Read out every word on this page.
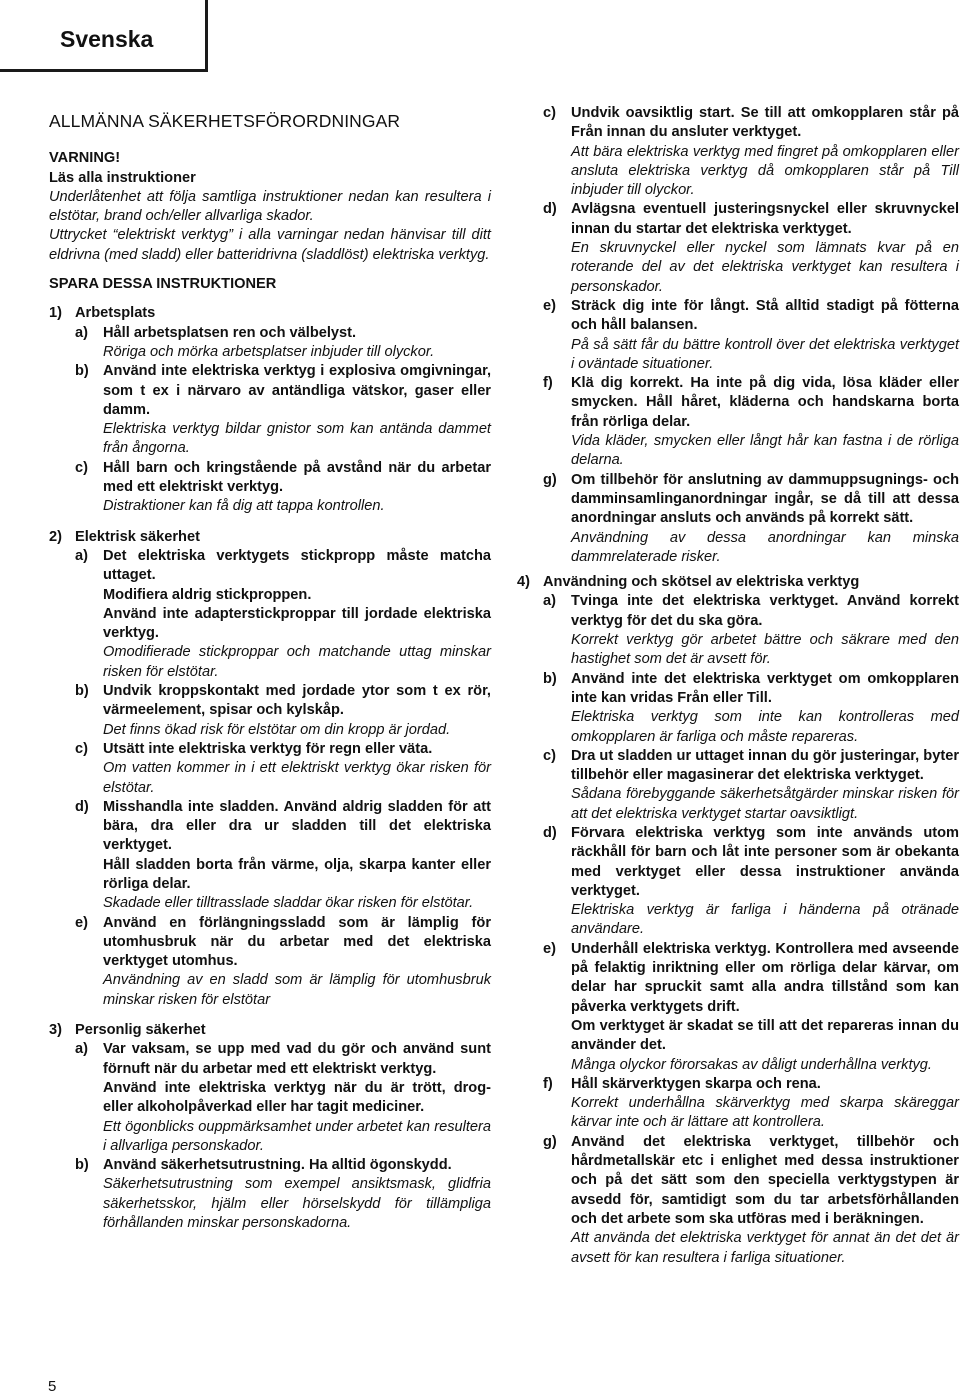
Svenska
ALLMÄNNA SÄKERHETSFÖRORDNINGAR

VARNING!

Läs alla instruktioner

Underlåtenhet att följa samtliga instruktioner nedan kan resultera i elstötar, brand och/eller allvarliga skador.

Uttrycket “elektriskt verktyg” i alla varningar nedan hänvisar till ditt eldrivna (med sladd) eller batteridrivna (sladdlöst) elektriska verktyg.

SPARA DESSA INSTRUKTIONER

1) Arbetsplats
a)	Håll arbetsplatsen ren och välbelyst.

Röriga och mörka arbetsplatser inbjuder till olyckor.

b) Använd inte elektriska verktyg i explosiva omgivningar, som t ex i närvaro av antändliga vätskor, gaser eller damm.

Elektriska verktyg bildar gnistor som kan antända dammet från ångorna.

c)	Håll barn och kringstående på avstånd när du arbetar med ett elektriskt verktyg.

Distraktioner kan få dig att tappa kontrollen.

2) Elektrisk säkerhet
a)	Det elektriska verktygets stickpropp måste matcha uttaget.

Modifiera aldrig stickproppen.

Använd inte adapterstickproppar till jordade elektriska verktyg.

Omodifierade stickproppar och matchande uttag minskar risken för elstötar.

b) Undvik kroppskontakt med jordade ytor som t ex rör, värmeelement, spisar och kylskåp.

Det finns ökad risk för elstötar om din kropp är jordad.

c)	Utsätt inte elektriska verktyg för regn eller väta.

Om vatten kommer in i ett elektriskt verktyg ökar risken för elstötar.

d) Misshandla inte sladden. Använd aldrig sladden för att bära, dra eller dra ur sladden till det elektriska verktyget.

Håll sladden borta från värme, olja, skarpa kanter eller rörliga delar.

Skadade eller tilltrasslade sladdar ökar risken för elstötar.

e)	Använd en förlängningssladd som är lämplig för utomhusbruk när du arbetar med det elektriska verktyget utomhus.

Användning av en sladd som är lämplig för utomhusbruk minskar risken för elstötar

3) Personlig säkerhet
a)	Var vaksam, se upp med vad du gör och använd sunt förnuft när du arbetar med ett elektriskt verktyg.

Använd inte elektriska verktyg när du är trött, drog- eller alkoholpåverkad eller har tagit mediciner.

Ett ögonblicks ouppmärksamhet under arbetet kan resultera i allvarliga personskador.

b) Använd säkerhetsutrustning. Ha alltid ögonskydd.

Säkerhetsutrustning som exempel ansiktsmask, glidfria säkerhetsskor, hjälm eller hörselskydd för tillämpliga förhållanden minskar personskadorna.

c)	Undvik oavsiktlig start. Se till att omkopplaren står på Från innan du ansluter verktyget.

Att bära elektriska verktyg med fingret på omkopplaren eller ansluta elektriska verktyg då omkopplaren står på Till inbjuder till olyckor.

d) Avlägsna eventuell justeringsnyckel eller skruvnyckel innan du startar det elektriska verktyget.

En skruvnyckel eller nyckel som lämnats kvar på en roterande del av det elektriska verktyget kan resultera i personskador.

e)	Sträck dig inte för långt. Stå alltid stadigt på fötterna och håll balansen.

På så sätt får du bättre kontroll över det elektriska verktyget i oväntade situationer.

f)	Klä dig korrekt. Ha inte på dig vida, lösa kläder eller smycken. Håll håret, kläderna och handskarna borta från rörliga delar.

Vida kläder, smycken eller långt hår kan fastna i de rörliga delarna.

g) Om tillbehör för anslutning av dammuppsugnings- och damminsamlinganordningar ingår, se då till att dessa anordningar ansluts och används på korrekt sätt.

Användning av dessa anordningar kan minska dammrelaterade risker.

4) Användning och skötsel av elektriska verktyg
a)	Tvinga inte det elektriska verktyget. Använd korrekt verktyg för det du ska göra.

Korrekt verktyg gör arbetet bättre och säkrare med den hastighet som det är avsett för.

b) Använd inte det elektriska verktyget om omkopplaren inte kan vridas Från eller Till.

Elektriska verktyg som inte kan kontrolleras med omkopplaren är farliga och måste repareras.

c)	Dra ut sladden ur uttaget innan du gör justeringar, byter tillbehör eller magasinerar det elektriska verktyget.

Sådana förebyggande säkerhetsåtgärder minskar risken för att det elektriska verktyget startar oavsiktligt.

d) Förvara elektriska verktyg som inte används utom räckhåll för barn och låt inte personer som är obekanta med verktyget eller dessa instruktioner använda verktyget.

Elektriska verktyg är farliga i händerna på otränade användare.

e)	Underhåll elektriska verktyg. Kontrollera med avseende på felaktig inriktning eller om rörliga delar kärvar, om delar har spruckit samt alla andra tillstånd som kan påverka verktygets drift.

Om verktyget är skadat se till att det repareras innan du använder det.

Många olyckor förorsakas av dåligt underhållna verktyg.

f)	Håll skärverktygen skarpa och rena.

Korrekt underhållna skärverktyg med skarpa skäreggar kärvar inte och är lättare att kontrollera.

g) Använd det elektriska verktyget, tillbehör och hårdmetallskär etc i enlighet med dessa instruktioner och på det sätt som den speciella verktygstypen är avsedd för, samtidigt som du tar arbetsförhållanden och det arbete som ska utföras med i beräkningen.

Att använda det elektriska verktyget för annat än det det är avsett för kan resultera i farliga situationer.

5
